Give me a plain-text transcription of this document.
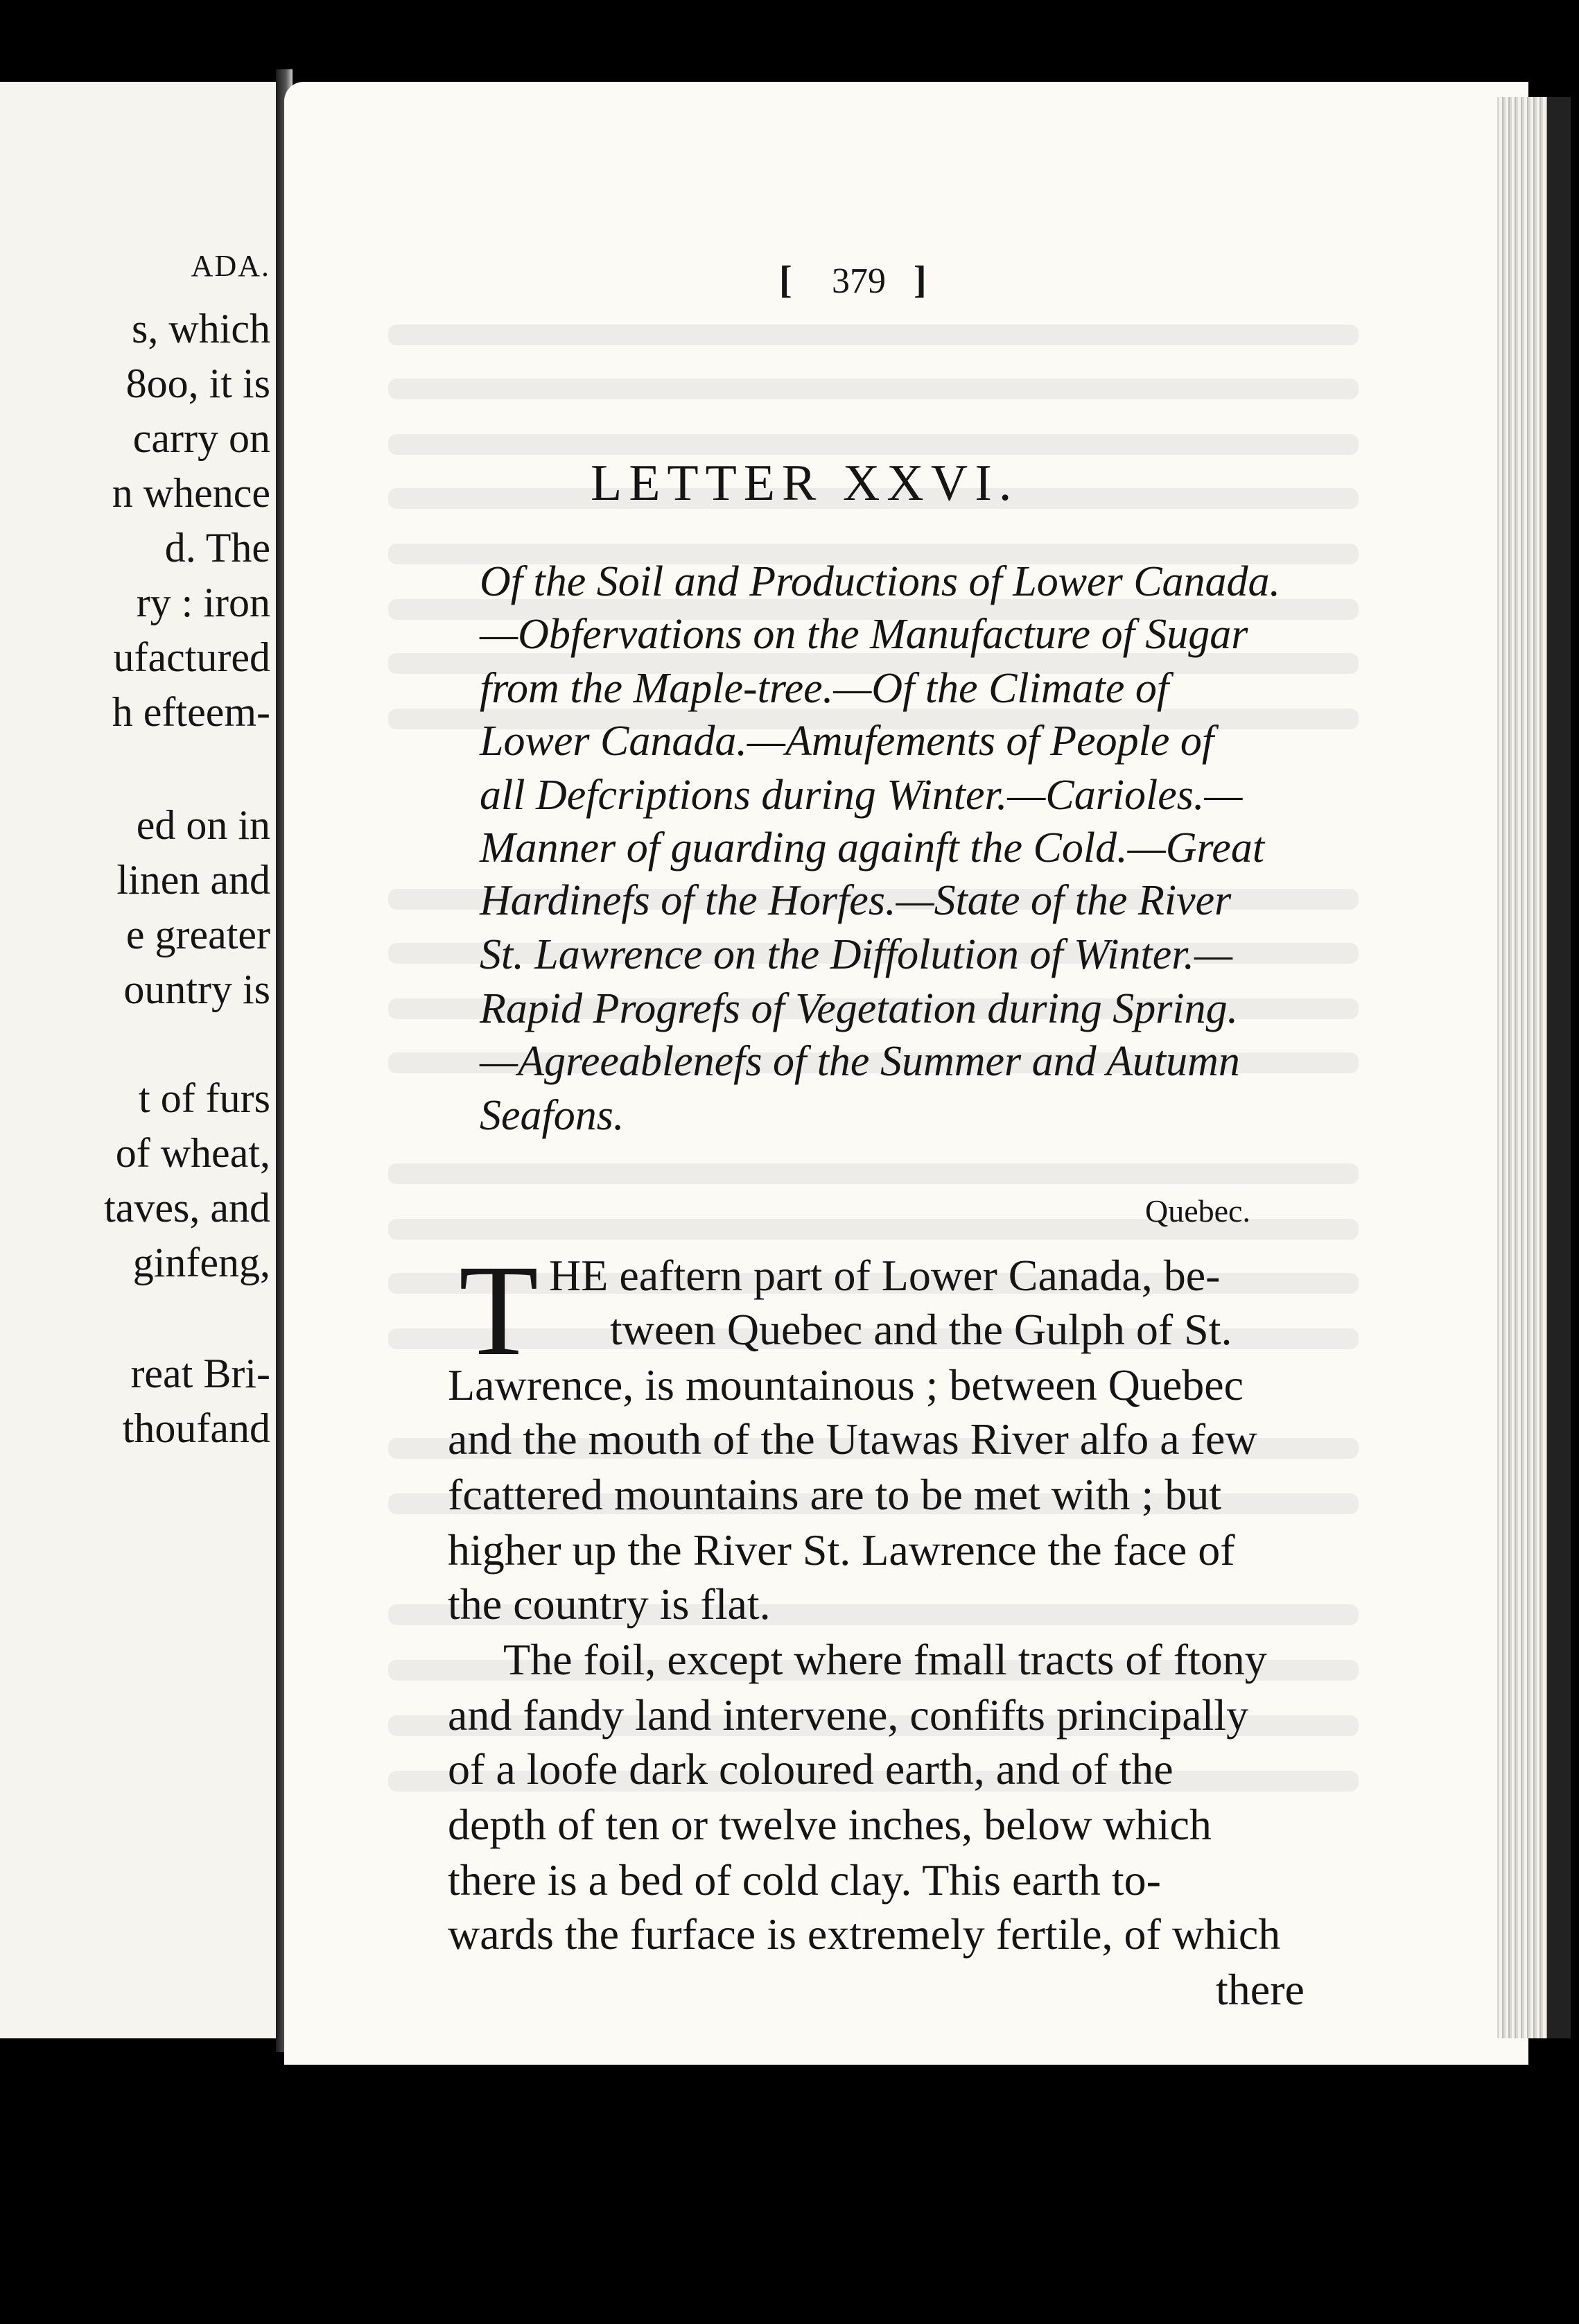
ADA.
s, which
8oo, it is
carry on
n whence
d. The
ry : iron
ufactured
h efteem-
ed on in
linen and
e greater
ountry is
t of furs
of wheat,
taves, and
ginfeng,
reat Bri-
thoufand
[ 379 ]
LETTER XXVI.
Of the Soil and Productions of Lower Canada.
—Obfervations on the Manufacture of Sugar
from the Maple-tree.—Of the Climate of
Lower Canada.—Amufements of People of
all Defcriptions during Winter.—Carioles.—
Manner of guarding againft the Cold.—Great
Hardinefs of the Horfes.—State of the River
St. Lawrence on the Diffolution of Winter.—
Rapid Progrefs of Vegetation during Spring.
—Agreeablenefs of the Summer and Autumn
Seafons.
Quebec.
T HE eaftern part of Lower Canada, be-
tween Quebec and the Gulph of St.
Lawrence, is mountainous ; between Quebec
and the mouth of the Utawas River alfo a few
fcattered mountains are to be met with ; but
higher up the River St. Lawrence the face of
the country is flat.
The foil, except where fmall tracts of ftony
and fandy land intervene, confifts principally
of a loofe dark coloured earth, and of the
depth of ten or twelve inches, below which
there is a bed of cold clay. This earth to-
wards the furface is extremely fertile, of which
there
